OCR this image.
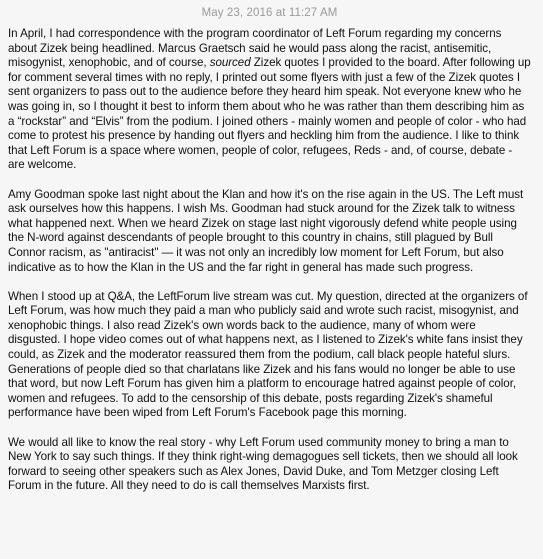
May 23, 2016 at 11:27 AM

In April, I had correspondence with the program coordinator of Left Forum regarding my concerns about Zizek being headlined. Marcus Graetsch said he would pass along the racist, antisemitic, misogynist, xenophobic, and of course, sourced Zizek quotes I provided to the board. After following up for comment several times with no reply, I printed out some flyers with just a few of the Zizek quotes I sent organizers to pass out to the audience before they heard him speak. Not everyone knew who he was going in, so I thought it best to inform them about who he was rather than them describing him as a “rockstar” and “Elvis” from the podium. I joined others - mainly women and people of color - who had come to protest his presence by handing out flyers and heckling him from the audience. I like to think that Left Forum is a space where women, people of color, refugees, Reds - and, of course, debate - are welcome.

Amy Goodman spoke last night about the Klan and how it's on the rise again in the US. The Left must ask ourselves how this happens. I wish Ms. Goodman had stuck around for the Zizek talk to witness what happened next. When we heard Zizek on stage last night vigorously defend white people using the N-word against descendants of people brought to this country in chains, still plagued by Bull Connor racism, as "antiracist" — it was not only an incredibly low moment for Left Forum, but also indicative as to how the Klan in the US and the far right in general has made such progress.

When I stood up at Q&A, the LeftForum live stream was cut. My question, directed at the organizers of Left Forum, was how much they paid a man who publicly said and wrote such racist, misogynist, and xenophobic things. I also read Zizek's own words back to the audience, many of whom were disgusted. I hope video comes out of what happens next, as I listened to Zizek's white fans insist they could, as Zizek and the moderator reassured them from the podium, call black people hateful slurs. Generations of people died so that charlatans like Zizek and his fans would no longer be able to use that word, but now Left Forum has given him a platform to encourage hatred against people of color, women and refugees. To add to the censorship of this debate, posts regarding Zizek's shameful performance have been wiped from Left Forum's Facebook page this morning.

We would all like to know the real story - why Left Forum used community money to bring a man to New York to say such things. If they think right-wing demagogues sell tickets, then we should all look forward to seeing other speakers such as Alex Jones, David Duke, and Tom Metzger closing Left Forum in the future. All they need to do is call themselves Marxists first.
